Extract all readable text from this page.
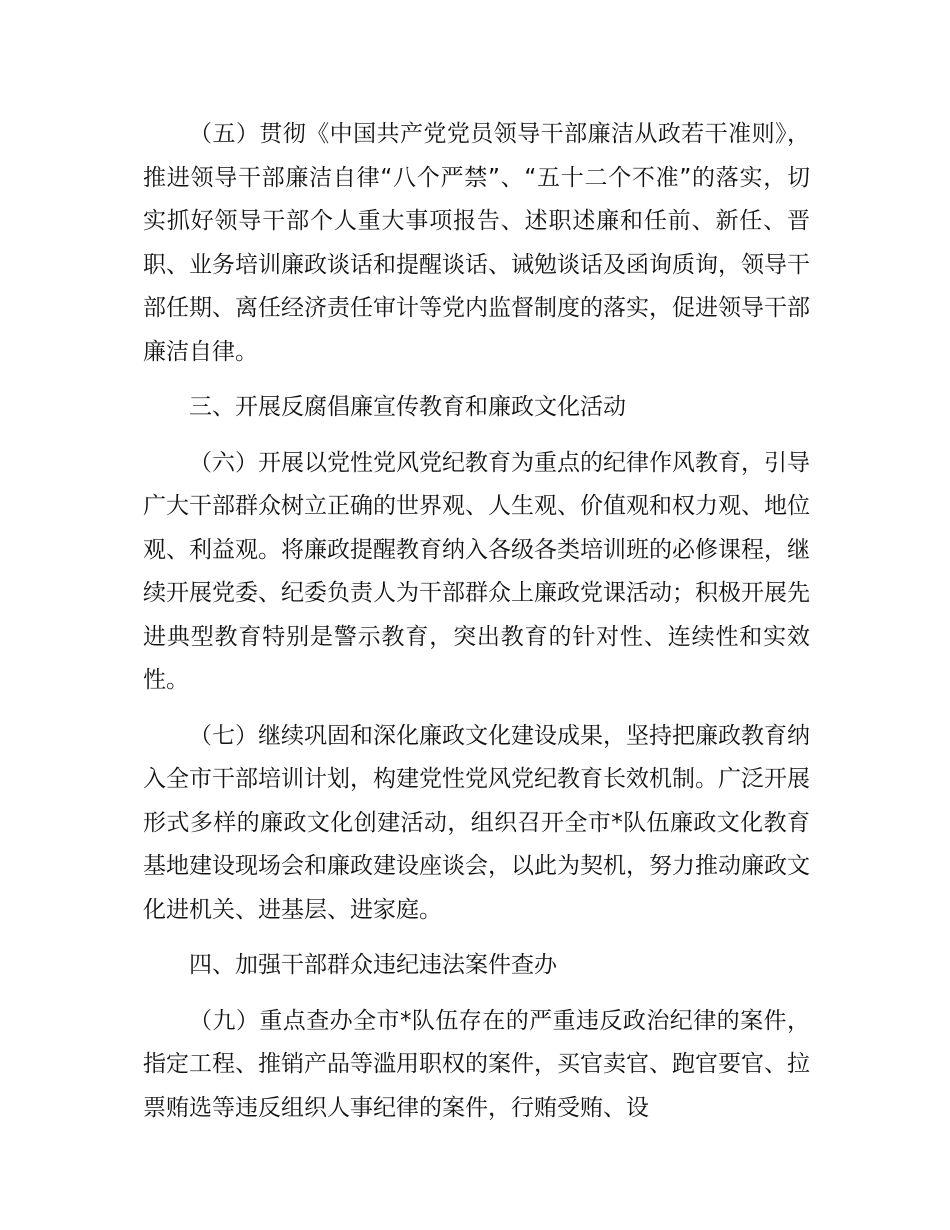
（五）贯彻《中国共产党党员领导干部廉洁从政若干准则》，推进领导干部廉洁自律“八个严禁”、“五十二个不准”的落实，切实抓好领导干部个人重大事项报告、述职述廉和任前、新任、晋职、业务培训廉政谈话和提醒谈话、诫勉谈话及函询质询，领导干部任期、离任经济责任审计等党内监督制度的落实，促进领导干部廉洁自律。

三、开展反腐倡廉宣传教育和廉政文化活动

（六）开展以党性党风党纪教育为重点的纪律作风教育，引导广大干部群众树立正确的世界观、人生观、价值观和权力观、地位观、利益观。将廉政提醒教育纳入各级各类培训班的必修课程，继续开展党委、纪委负责人为干部群众上廉政党课活动；积极开展先进典型教育特别是警示教育，突出教育的针对性、连续性和实效性。

（七）继续巩固和深化廉政文化建设成果，坚持把廉政教育纳入全市干部培训计划，构建党性党风党纪教育长效机制。广泛开展形式多样的廉政文化创建活动，组织召开全市*队伍廉政文化教育基地建设现场会和廉政建设座谈会，以此为契机，努力推动廉政文化进机关、进基层、进家庭。

四、加强干部群众违纪违法案件查办

（九）重点查办全市*队伍存在的严重违反政治纪律的案件，指定工程、推销产品等滥用职权的案件，买官卖官、跑官要官、拉票贿选等违反组织人事纪律的案件，行贿受贿、设
